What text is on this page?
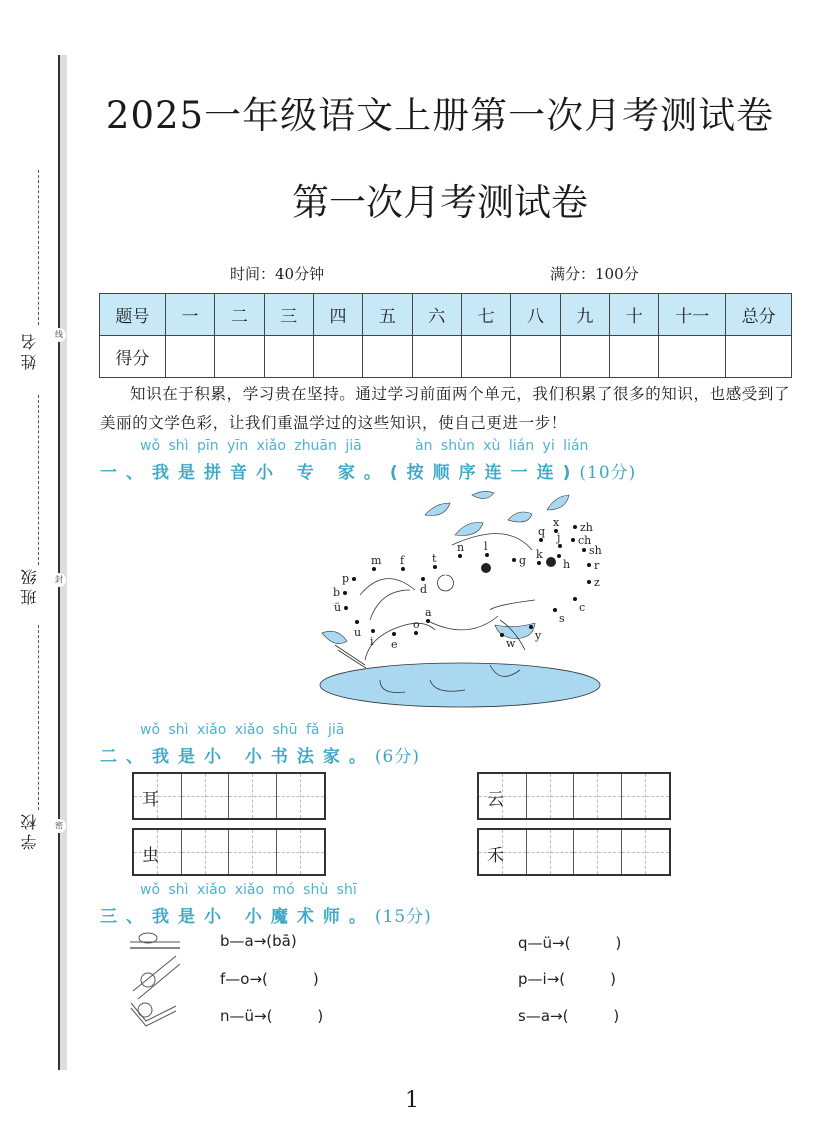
线
封
密
姓名
班级
学校
2025一年级语文上册第一次月考测试卷
第一次月考测试卷
时间：40分钟	满分：100分
题号	一	二	三	四	五	六	七	八	九	十	十一	总分
得分												
知识在于积累，学习贵在坚持。通过学习前面两个单元，我们积累了很多的知识，也感受到了美丽的文学色彩，让我们重温学过的这些知识，使自己更进一步！
wǒ shì pīn yīn xiǎo zhuān jiā	àn shùn xù lián yi lián
一、我是拼音小 专 家。(按顺序连一连)(10分)
zh
ch
sh
r
z
c
s
y
w
x
j
h
q
k
g
l
n
t
f
m
p
b
ü
u
i e
o
a
d
wǒ shì xiǎo xiǎo shū fǎ jiā
二、我是小 小书法家。(6分)
耳	云
虫	禾
wǒ shì xiǎo xiǎo mó shù shī
三、我是小 小魔术师。(15分)
b—a→(bā)	q—ü→(　　　)
f—o→(　　　)	p—i→(　　　)
n—ü→(　　　)	s—a→(　　　)
1
